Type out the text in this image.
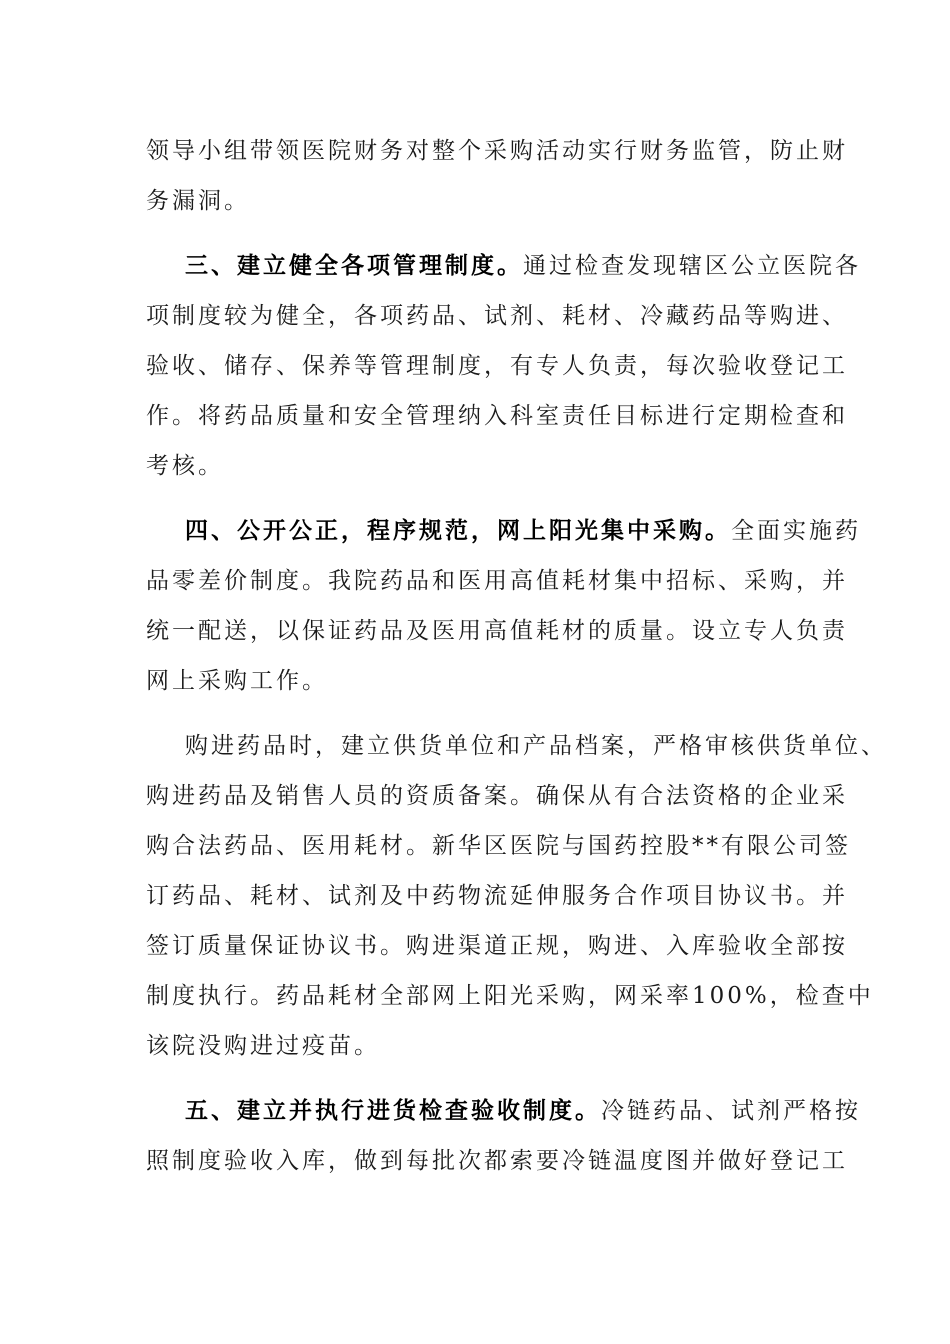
领导小组带领医院财务对整个采购活动实行财务监管，防止财
务漏洞。
三、建立健全各项管理制度。通过检查发现辖区公立医院各
项制度较为健全，各项药品、试剂、耗材、冷藏药品等购进、
验收、储存、保养等管理制度，有专人负责，每次验收登记工
作。将药品质量和安全管理纳入科室责任目标进行定期检查和
考核。
四、公开公正，程序规范，网上阳光集中采购。全面实施药
品零差价制度。我院药品和医用高值耗材集中招标、采购，并
统一配送，以保证药品及医用高值耗材的质量。设立专人负责
网上采购工作。
购进药品时，建立供货单位和产品档案，严格审核供货单位、
购进药品及销售人员的资质备案。确保从有合法资格的企业采
购合法药品、医用耗材。新华区医院与国药控股**有限公司签
订药品、耗材、试剂及中药物流延伸服务合作项目协议书。并
签订质量保证协议书。购进渠道正规，购进、入库验收全部按
制度执行。药品耗材全部网上阳光采购，网采率100%，检查中
该院没购进过疫苗。
五、建立并执行进货检查验收制度。冷链药品、试剂严格按
照制度验收入库，做到每批次都索要冷链温度图并做好登记工
